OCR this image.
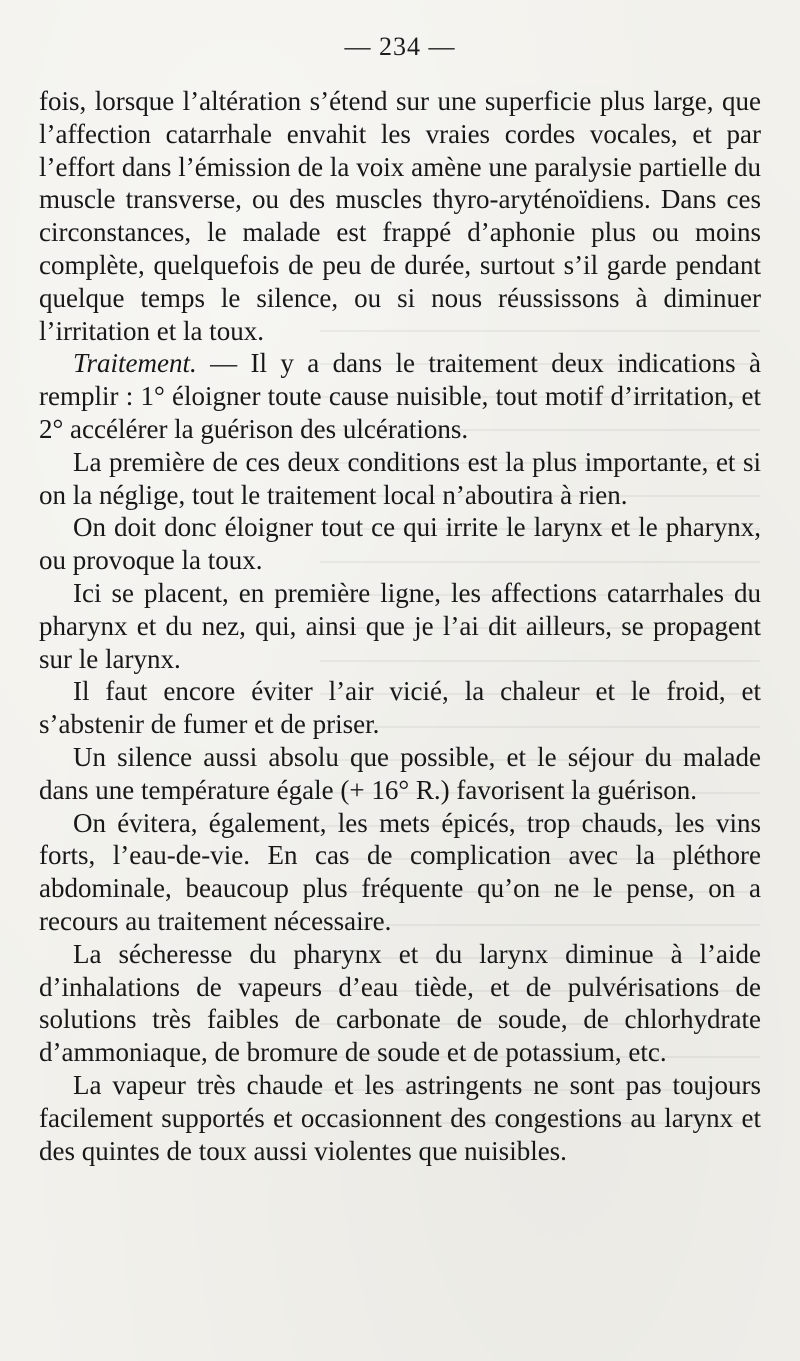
— 234 —

fois, lorsque l’altération s’étend sur une superficie plus large, que l’affection catarrhale envahit les vraies cordes vocales, et par l’effort dans l’émission de la voix amène une paralysie partielle du muscle transverse, ou des muscles thyro-aryténoïdiens. Dans ces circonstances, le malade est frappé d’aphonie plus ou moins complète, quelquefois de peu de durée, surtout s’il garde pendant quelque temps le silence, ou si nous réussissons à diminuer l’irritation et la toux.

Traitement. — Il y a dans le traitement deux indications à remplir : 1° éloigner toute cause nuisible, tout motif d’irritation, et 2° accélérer la guérison des ulcérations.

La première de ces deux conditions est la plus importante, et si on la néglige, tout le traitement local n’aboutira à rien.

On doit donc éloigner tout ce qui irrite le larynx et le pharynx, ou provoque la toux.

Ici se placent, en première ligne, les affections catarrhales du pharynx et du nez, qui, ainsi que je l’ai dit ailleurs, se propagent sur le larynx.

Il faut encore éviter l’air vicié, la chaleur et le froid, et s’abstenir de fumer et de priser.

Un silence aussi absolu que possible, et le séjour du malade dans une température égale (+ 16° R.) favorisent la guérison.

On évitera, également, les mets épicés, trop chauds, les vins forts, l’eau-de-vie. En cas de complication avec la pléthore abdominale, beaucoup plus fréquente qu’on ne le pense, on a recours au traitement nécessaire.

La sécheresse du pharynx et du larynx diminue à l’aide d’inhalations de vapeurs d’eau tiède, et de pulvérisations de solutions très faibles de carbonate de soude, de chlorhydrate d’ammoniaque, de bromure de soude et de potassium, etc.

La vapeur très chaude et les astringents ne sont pas toujours facilement supportés et occasionnent des congestions au larynx et des quintes de toux aussi violentes que nuisibles.
